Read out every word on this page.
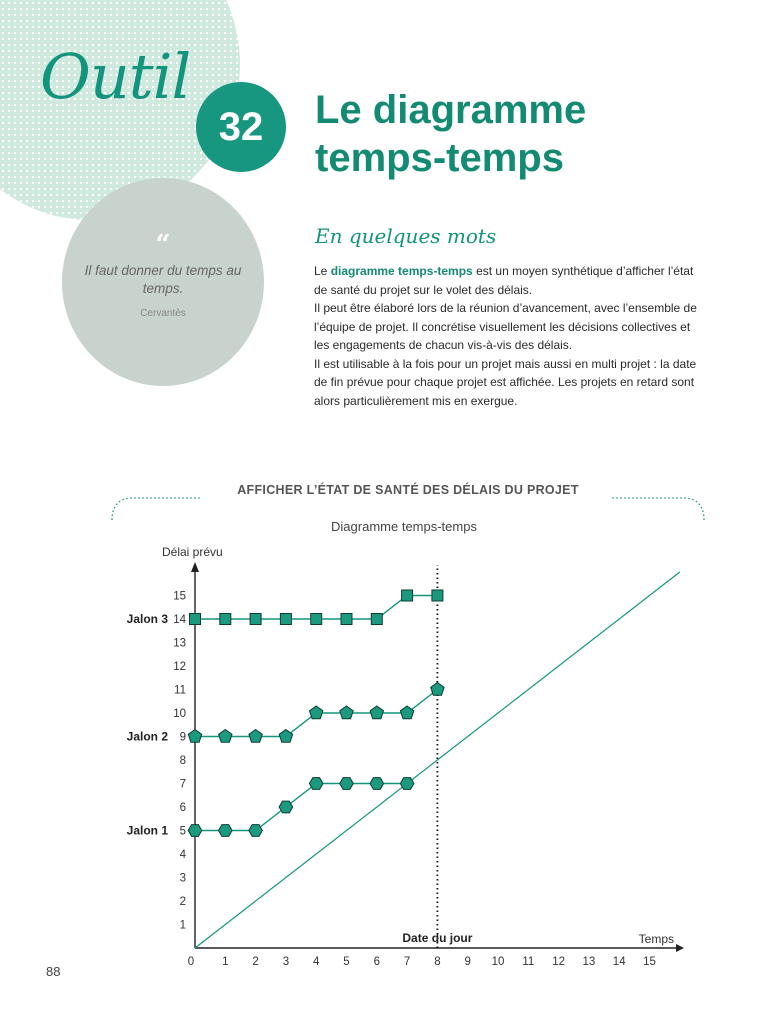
Outil
32	Le diagramme
temps-temps
“
Il faut donner du temps au temps.
Cervantès
En quelques mots

Le diagramme temps-temps est un moyen synthétique d’afficher l’état de santé du projet sur le volet des délais.

Il peut être élaboré lors de la réunion d’avancement, avec l’ensemble de l’équipe de projet. Il concrétise visuellement les décisions collectives et les engagements de chacun vis-à-vis des délais.

Il est utilisable à la fois pour un projet mais aussi en multi projet : la date de fin prévue pour chaque projet est affichée. Les projets en retard sont alors particulièrement mis en exergue.

AFFICHER L’ÉTAT DE SANTÉ DES DÉLAIS DU PROJET
Diagramme temps-temps
Délai prévu
Temps
0 1 2 3 4 5 6 7 8 9 10 11 12 13 14 15
1
2
3
4
5
6
7
8
9
10
11
12
13
14
15
Date du jour
Jalon 3
Jalon 2
Jalon 1
88
